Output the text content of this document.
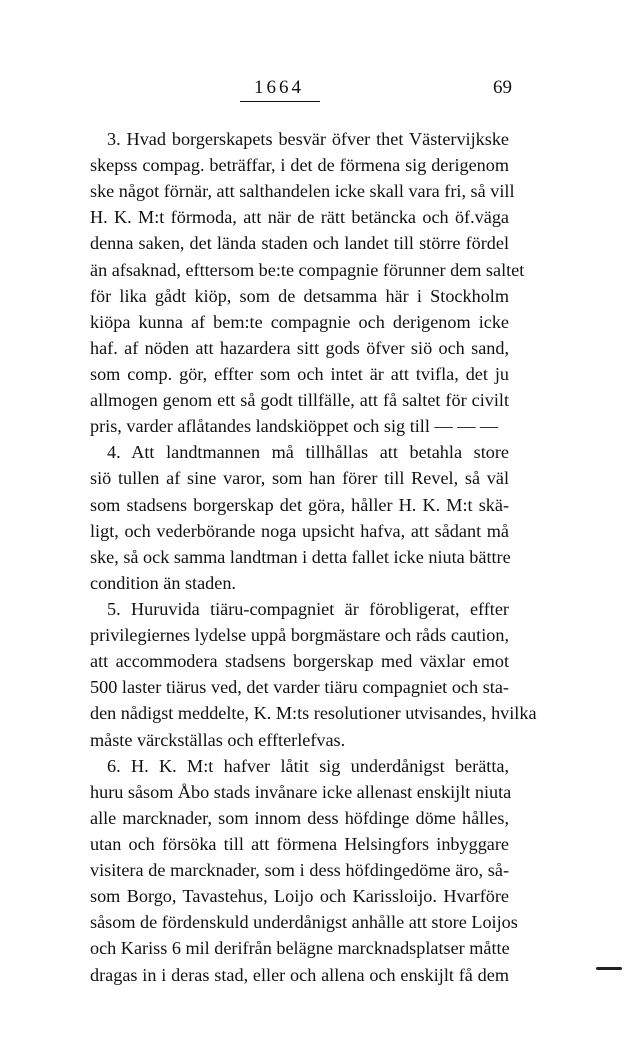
1664	69
3. Hvad borgerskapets besvär öfver thet Västervijkske
skepss compag. beträffar, i det de förmena sig derigenom
ske något förnär, att salthandelen icke skall vara fri, så vill
H. K. M:t förmoda, att när de rätt betäncka och öf.väga
denna saken, det lända staden och landet till större fördel
än afsaknad, efttersom be:te compagnie förunner dem saltet
för lika gådt kiöp, som de detsamma här i Stockholm
kiöpa kunna af bem:te compagnie och derigenom icke
haf. af nöden att hazardera sitt gods öfver siö och sand,
som comp. gör, effter som och intet är att tvifla, det ju
allmogen genom ett så godt tillfälle, att få saltet för civilt
pris, varder aflåtandes landskiöppet och sig till — — —
4. Att landtmannen må tillhållas att betahla store
siö tullen af sine varor, som han förer till Revel, så väl
som stadsens borgerskap det göra, håller H. K. M:t skä-
ligt, och vederbörande noga upsicht hafva, att sådant må
ske, så ock samma landtman i detta fallet icke niuta bättre
condition än staden.
5. Huruvida tiäru-compagniet är förobligerat, effter
privilegiernes lydelse uppå borgmästare och råds caution,
att accommodera stadsens borgerskap med växlar emot
500 laster tiärus ved, det varder tiäru compagniet och sta-
den nådigst meddelte, K. M:ts resolutioner utvisandes, hvilka
måste värckställas och effterlefvas.
6. H. K. M:t hafver låtit sig underdånigst berätta,
huru såsom Åbo stads invånare icke allenast enskijlt niuta
alle marcknader, som innom dess höfdinge döme hålles,
utan och försöka till att förmena Helsingfors inbyggare
visitera de marcknader, som i dess höfdingedöme äro, så-
som Borgo, Tavastehus, Loijo och Karissloijo. Hvarföre
såsom de fördenskuld underdånigst anhålle att store Loijos
och Kariss 6 mil derifrån belägne marcknadsplatser måtte
dragas in i deras stad, eller och allena och enskijlt få dem
